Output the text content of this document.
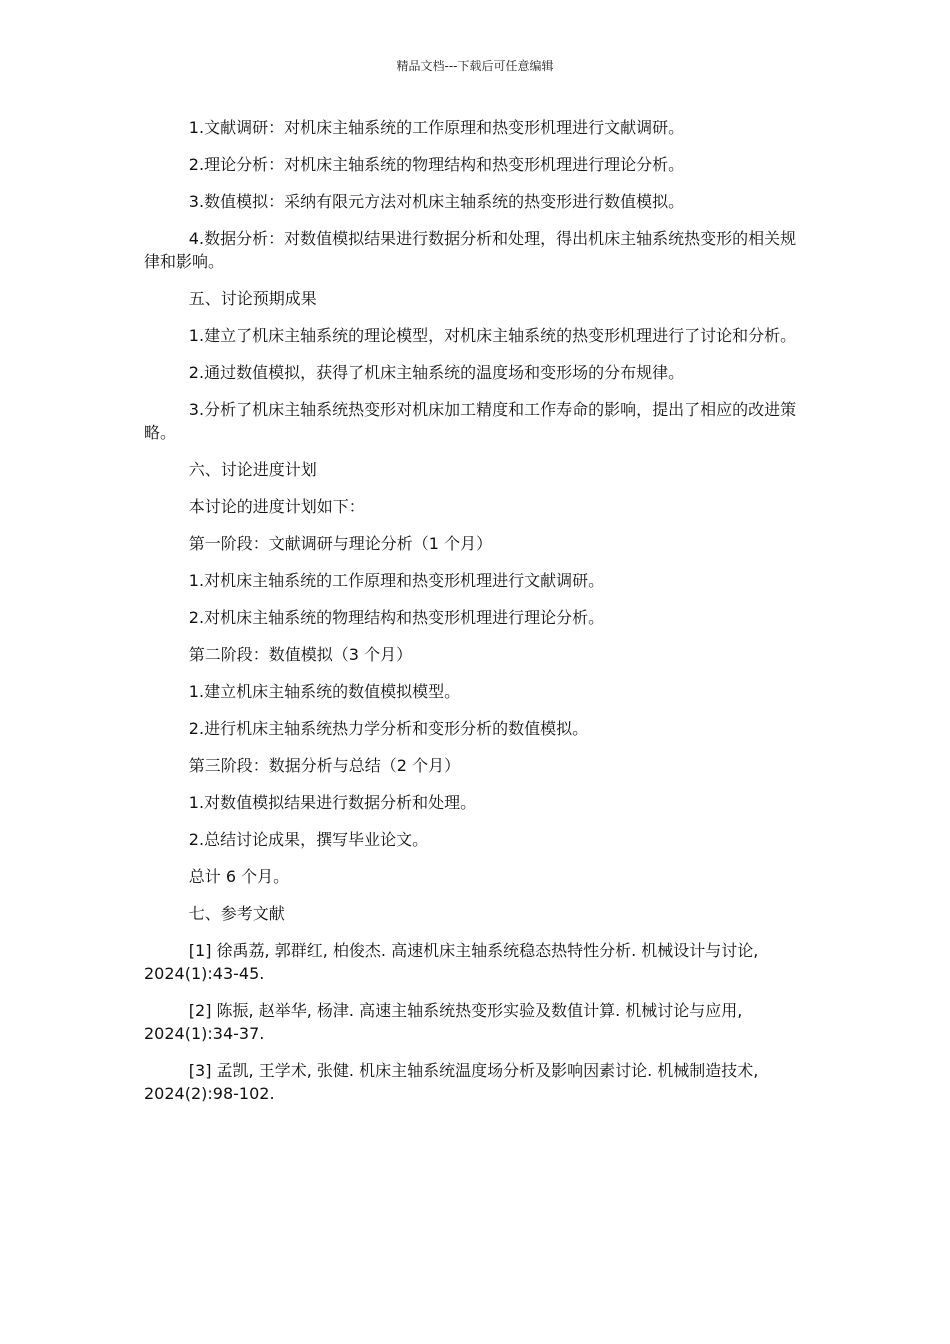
精品文档---下载后可任意编辑

1.文献调研：对机床主轴系统的工作原理和热变形机理进行文献调研。

2.理论分析：对机床主轴系统的物理结构和热变形机理进行理论分析。

3.数值模拟：采纳有限元方法对机床主轴系统的热变形进行数值模拟。

4.数据分析：对数值模拟结果进行数据分析和处理，得出机床主轴系统热变形的相关规律和影响。

五、讨论预期成果

1.建立了机床主轴系统的理论模型，对机床主轴系统的热变形机理进行了讨论和分析。

2.通过数值模拟，获得了机床主轴系统的温度场和变形场的分布规律。

3.分析了机床主轴系统热变形对机床加工精度和工作寿命的影响，提出了相应的改进策略。

六、讨论进度计划

本讨论的进度计划如下：

第一阶段：文献调研与理论分析（1 个月）

1.对机床主轴系统的工作原理和热变形机理进行文献调研。

2.对机床主轴系统的物理结构和热变形机理进行理论分析。

第二阶段：数值模拟（3 个月）

1.建立机床主轴系统的数值模拟模型。

2.进行机床主轴系统热力学分析和变形分析的数值模拟。

第三阶段：数据分析与总结（2 个月）

1.对数值模拟结果进行数据分析和处理。

2.总结讨论成果，撰写毕业论文。

总计 6 个月。

七、参考文献

[1] 徐禹荔, 郭群红, 柏俊杰. 高速机床主轴系统稳态热特性分析. 机械设计与讨论, 2024(1):43-45.

[2] 陈振, 赵举华, 杨津. 高速主轴系统热变形实验及数值计算. 机械讨论与应用, 2024(1):34-37.

[3] 孟凯, 王学术, 张健. 机床主轴系统温度场分析及影响因素讨论. 机械制造技术, 2024(2):98-102.
